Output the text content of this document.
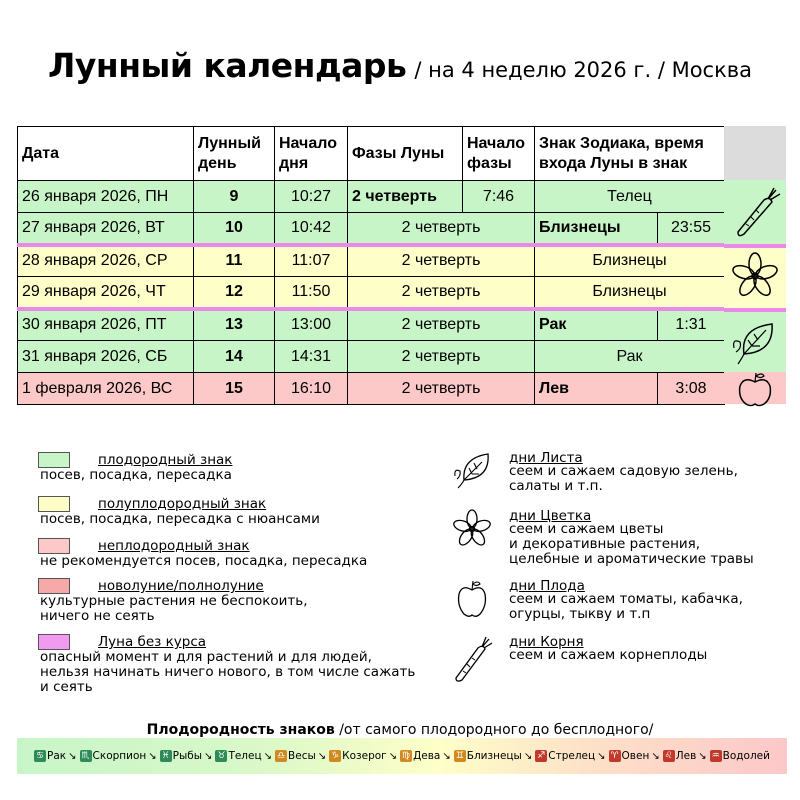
Лунный календарь / на 4 неделю 2026 г. / Москва
Дата	Лунный день	Начало дня	Фазы Луны	Начало фазы	Знак Зодиака, время входа Луны в знак	
26 января 2026, ПН	9	10:27	2 четверть	7:46	Телец	
27 января 2026, ВТ	10	10:42	2 четверть		Близнецы	23:55
28 января 2026, СР	11	11:07	2 четверть		Близнецы	
29 января 2026, ЧТ	12	11:50	2 четверть		Близнецы	
30 января 2026, ПТ	13	13:00	2 четверть		Рак	1:31
31 января 2026, СБ	14	14:31	2 четверть		Рак	
1 февраля 2026, ВС	15	16:10	2 четверть		Лев	3:08
плодородный знак
посев, посадка, пересадка
полуплодородный знак
посев, посадка, пересадка с нюансами
неплодородный знак
не рекомендуется посев, посадка, пересадка
новолуние/полнолуние
культурные растения не беспокоить,
ничего не сеять
Луна без курса
опасный момент и для растений и для людей,
нельзя начинать ничего нового, в том числе сажать
и сеять
дни Листа
сеем и сажаем садовую зелень,
салаты и т.п.
дни Цветка
сеем и сажаем цветы
и декоративные растения,
целебные и ароматические травы
дни Плода
сеем и сажаем томаты, кабачка,
огурцы, тыкву и т.п
дни Корня
сеем и сажаем корнеплоды
Плодородность знаков /от самого плодородного до бесплодного/
♋ Рак ↘ ♏ Скорпион ↘ ♓ Рыбы ↘ ♉ Телец ↘ ♎ Весы ↘ ♑ Козерог ↘ ♍ Дева ↘ ♊ Близнецы ↘ ♐ Стрелец ↘ ♈ Овен ↘ ♌ Лев ↘ ♒ Водолей
